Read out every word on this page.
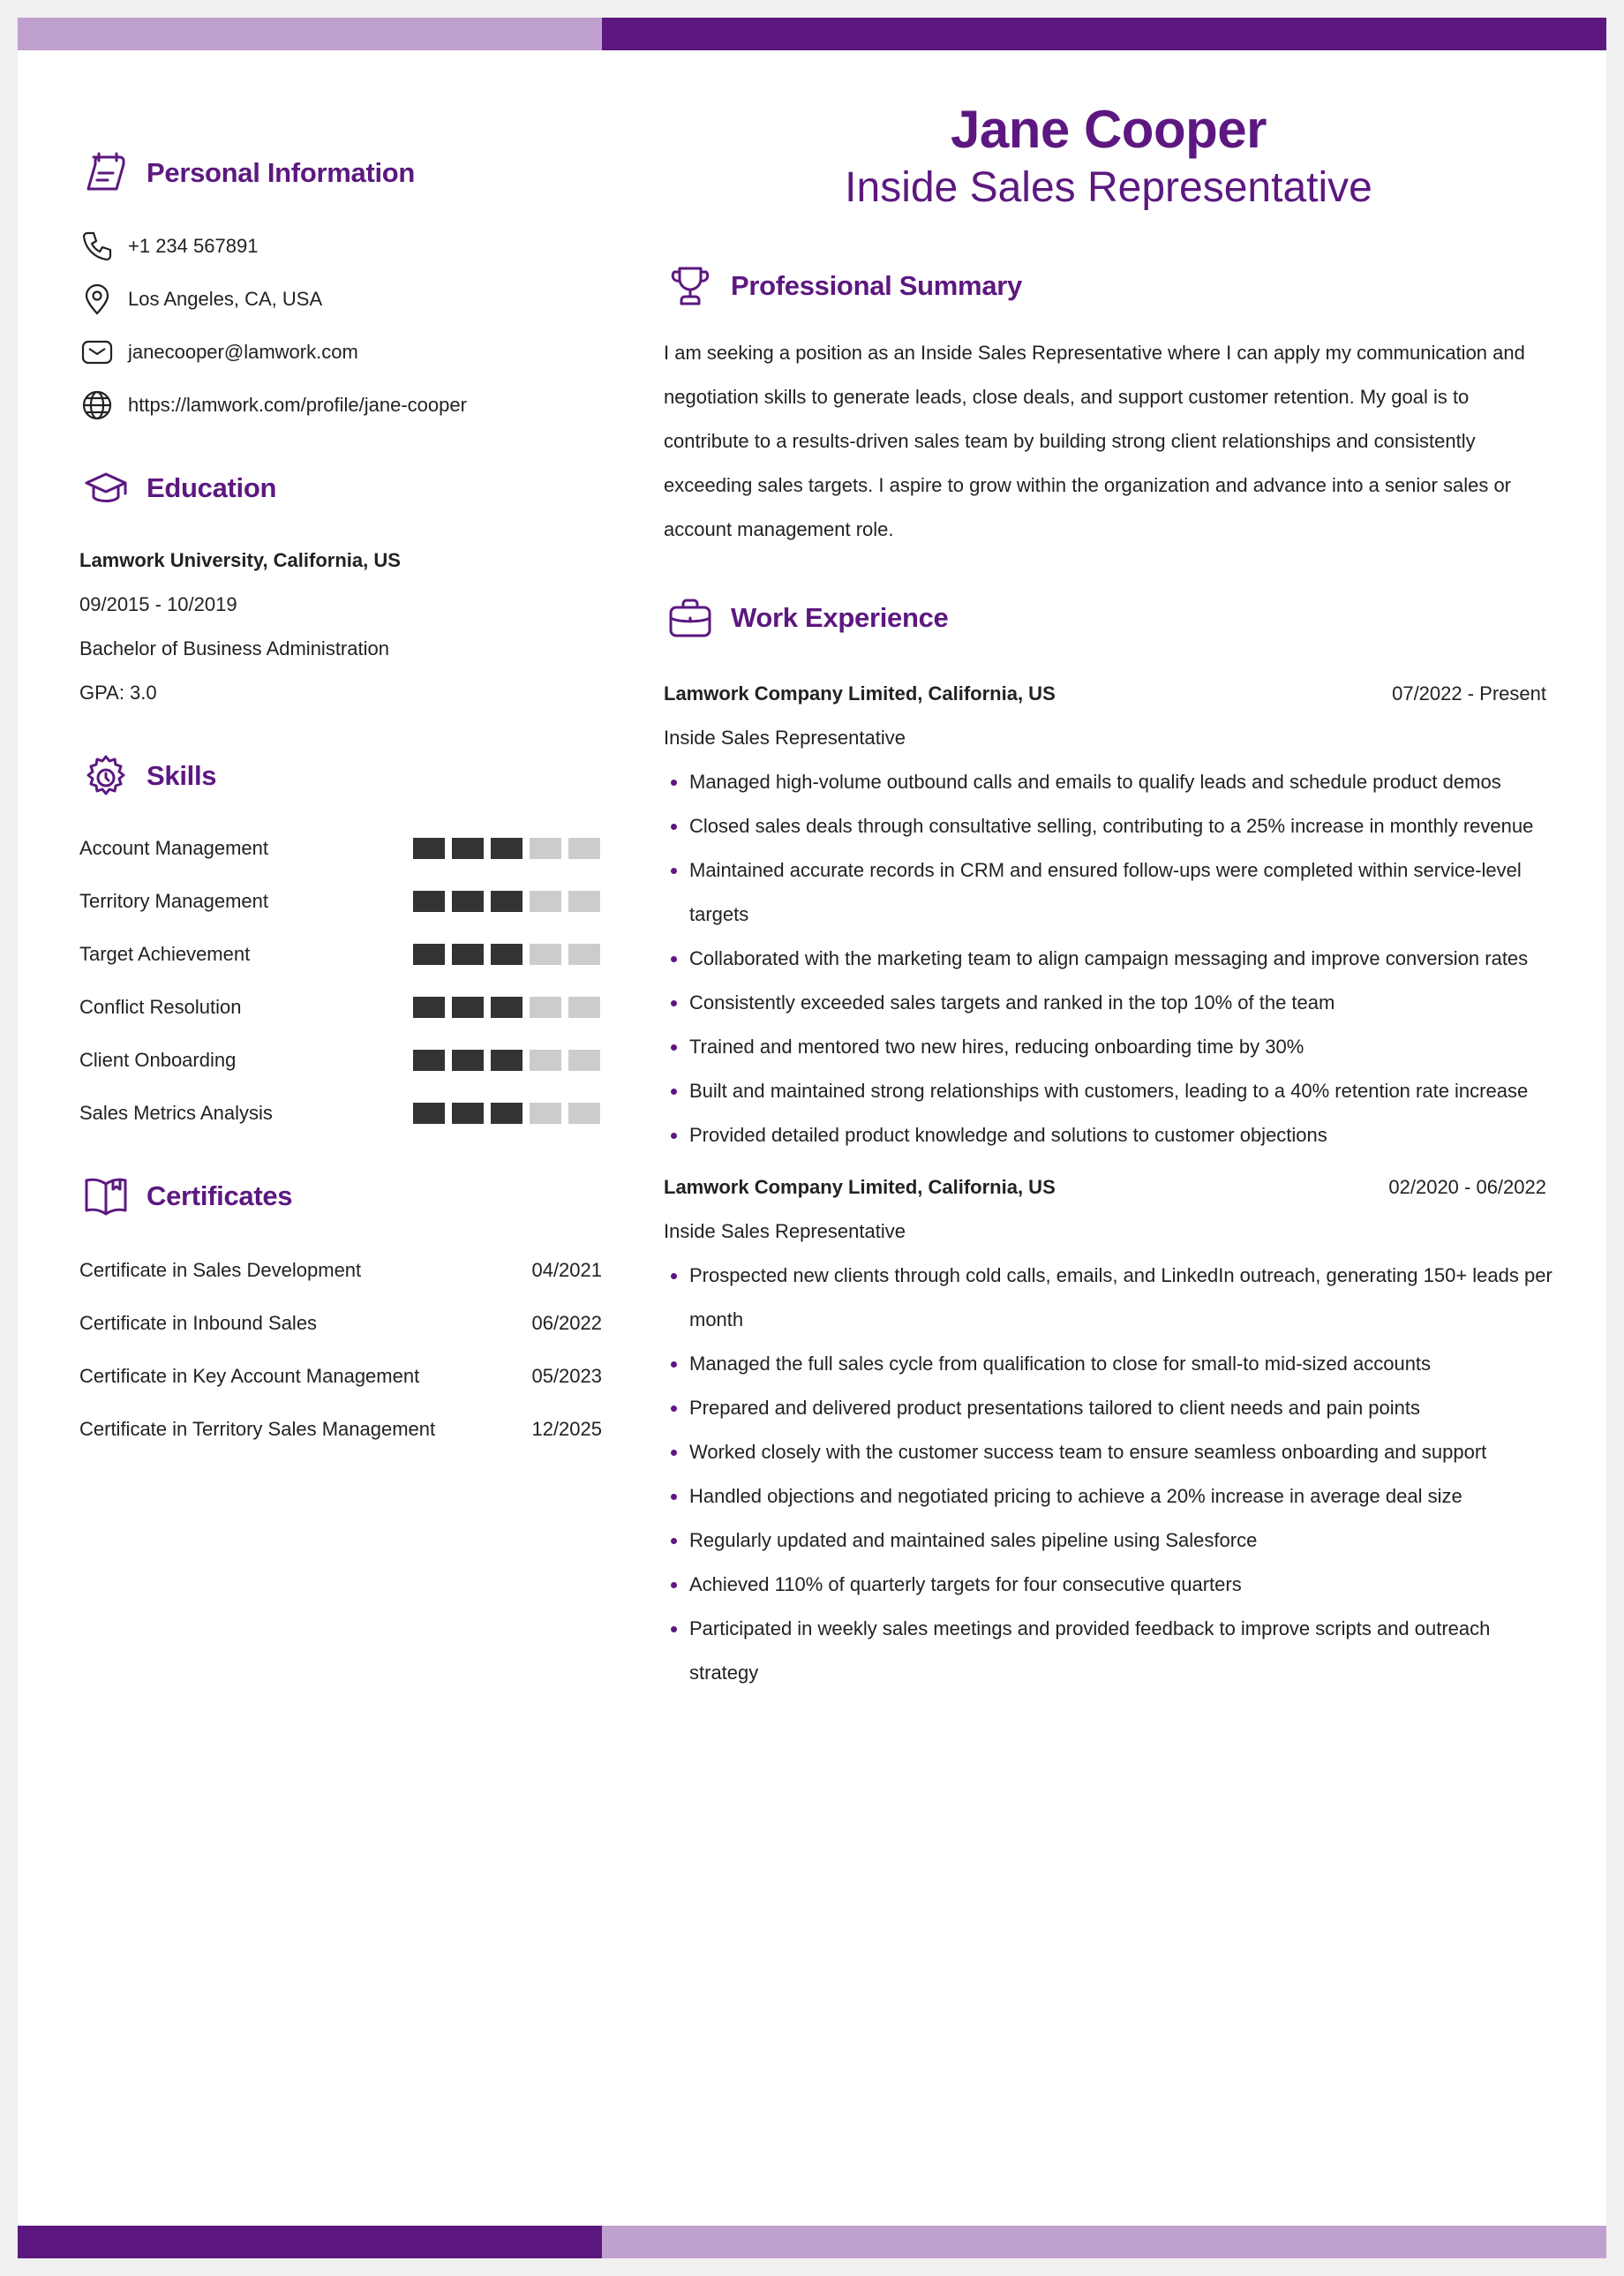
Personal Information
+1 234 567891
Los Angeles, CA, USA
janecooper@lamwork.com
https://lamwork.com/profile/jane-cooper
Education
Lamwork University, California, US
09/2015 - 10/2019
Bachelor of Business Administration
GPA: 3.0
Skills
Account Management
Territory Management
Target Achievement
Conflict Resolution
Client Onboarding
Sales Metrics Analysis
Certificates
Certificate in Sales Development	04/2021
Certificate in Inbound Sales	06/2022
Certificate in Key Account Management	05/2023
Certificate in Territory Sales Management	12/2025
Jane Cooper
Inside Sales Representative
Professional Summary
I am seeking a position as an Inside Sales Representative where I can apply my communication and negotiation skills to generate leads, close deals, and support customer retention. My goal is to contribute to a results-driven sales team by building strong client relationships and consistently exceeding sales targets. I aspire to grow within the organization and advance into a senior sales or account management role.
Work Experience
Lamwork Company Limited, California, US	07/2022 - Present
Inside Sales Representative
Managed high-volume outbound calls and emails to qualify leads and schedule product demos
Closed sales deals through consultative selling, contributing to a 25% increase in monthly revenue
Maintained accurate records in CRM and ensured follow-ups were completed within service-level targets
Collaborated with the marketing team to align campaign messaging and improve conversion rates
Consistently exceeded sales targets and ranked in the top 10% of the team
Trained and mentored two new hires, reducing onboarding time by 30%
Built and maintained strong relationships with customers, leading to a 40% retention rate increase
Provided detailed product knowledge and solutions to customer objections
Lamwork Company Limited, California, US	02/2020 - 06/2022
Inside Sales Representative
Prospected new clients through cold calls, emails, and LinkedIn outreach, generating 150+ leads per month
Managed the full sales cycle from qualification to close for small-to mid-sized accounts
Prepared and delivered product presentations tailored to client needs and pain points
Worked closely with the customer success team to ensure seamless onboarding and support
Handled objections and negotiated pricing to achieve a 20% increase in average deal size
Regularly updated and maintained sales pipeline using Salesforce
Achieved 110% of quarterly targets for four consecutive quarters
Participated in weekly sales meetings and provided feedback to improve scripts and outreach strategy
